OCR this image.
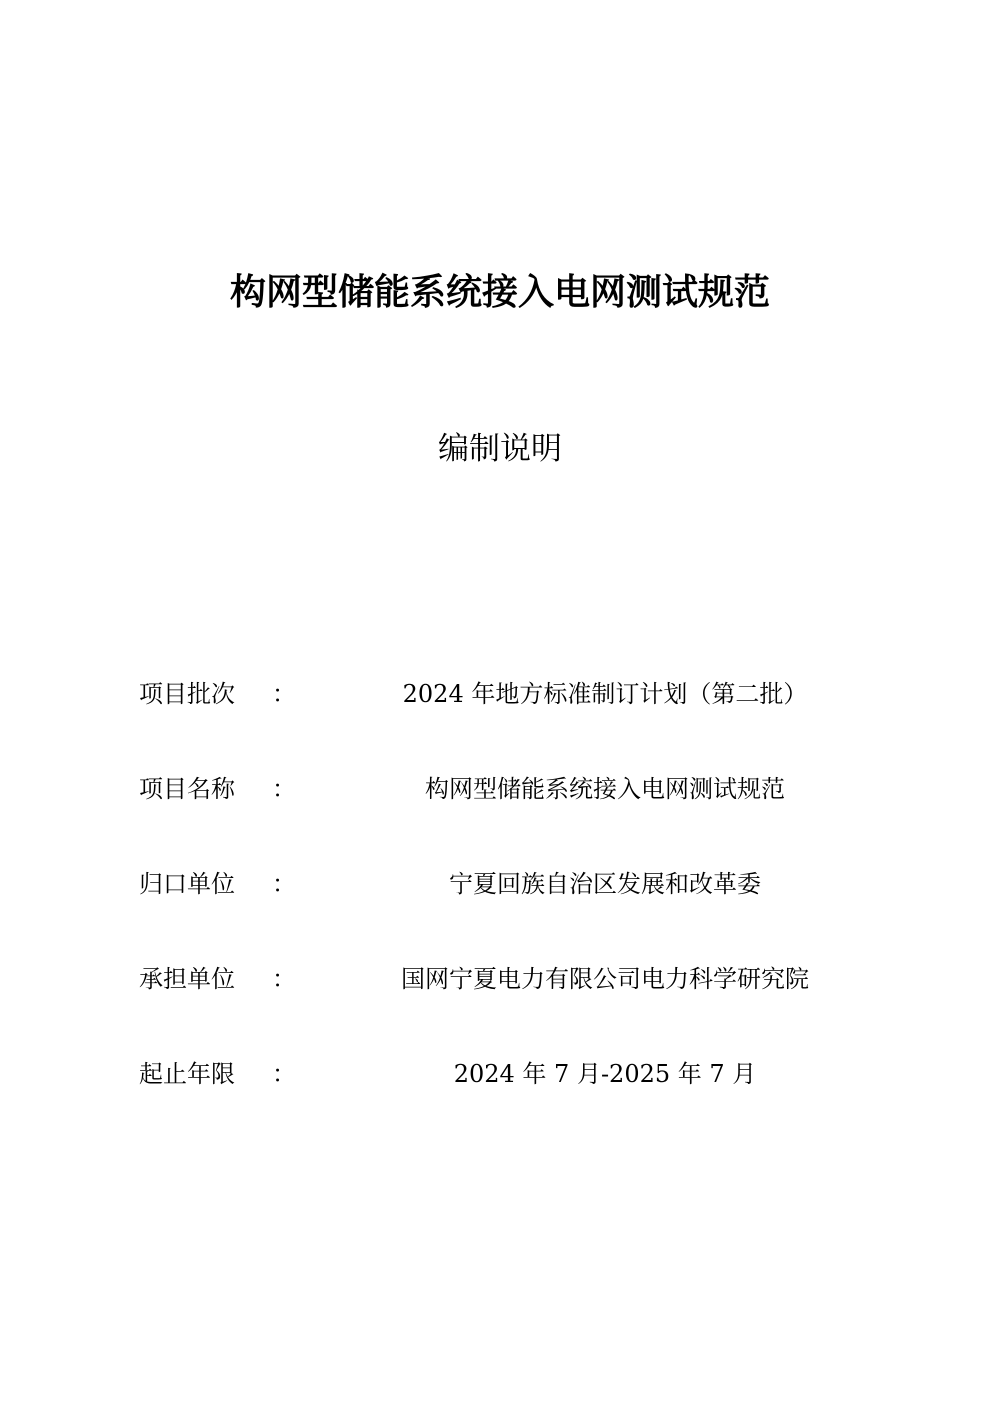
构网型储能系统接入电网测试规范
编制说明
项目批次 ：	2024 年地方标准制订计划（第二批）
项目名称 ：	构网型储能系统接入电网测试规范
归口单位 ：	宁夏回族自治区发展和改革委
承担单位 ：	国网宁夏电力有限公司电力科学研究院
起止年限 ：	2024 年 7 月-2025 年 7 月
